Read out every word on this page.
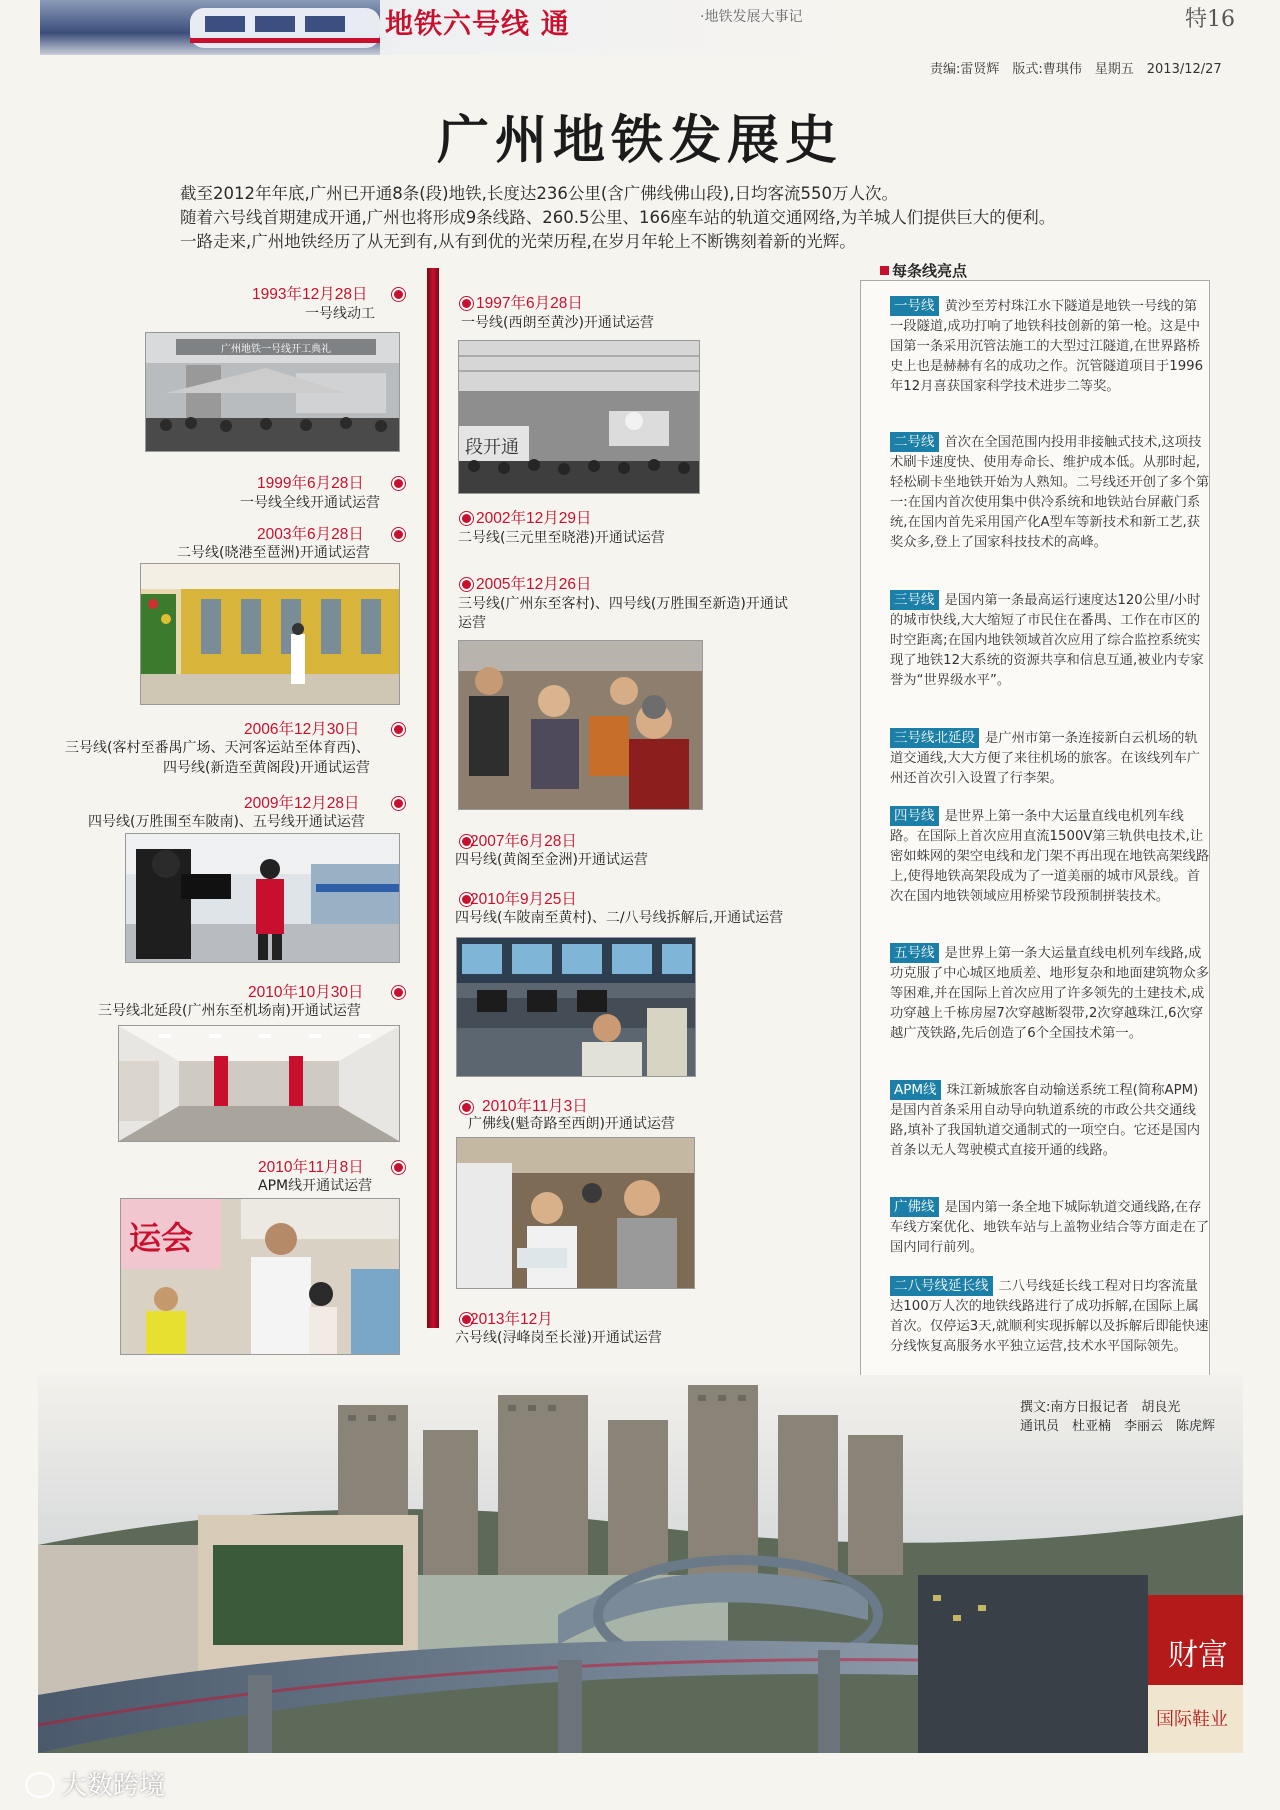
地铁六号线 通	·地铁发展大事记	特16
责编:雷贤辉　版式:曹琪伟　星期五　2013/12/27
广州地铁发展史
截至2012年年底,广州已开通8条(段)地铁,长度达236公里(含广佛线佛山段),日均客流550万人次。
随着六号线首期建成开通,广州也将形成9条线路、260.5公里、166座车站的轨道交通网络,为羊城人们提供巨大的便利。
一路走来,广州地铁经历了从无到有,从有到优的光荣历程,在岁月年轮上不断镌刻着新的光辉。
1993年12月28日
一号线动工
广州地铁一号线开工典礼
1999年6月28日
一号线全线开通试运营
2003年6月28日
二号线(晓港至琶洲)开通试运营
2006年12月30日
三号线(客村至番禺广场、天河客运站至体育西)、
四号线(新造至黄阁段)开通试运营
2009年12月28日
四号线(万胜围至车陂南)、五号线开通试运营
2010年10月30日
三号线北延段(广州东至机场南)开通试运营
2010年11月8日
APM线开通试运营
运会
1997年6月28日
一号线(西朗至黄沙)开通试运营
段开通
2002年12月29日
二号线(三元里至晓港)开通试运营
2005年12月26日
三号线(广州东至客村)、四号线(万胜围至新造)开通试
运营
2007年6月28日
四号线(黄阁至金洲)开通试运营
2010年9月25日
四号线(车陂南至黄村)、二/八号线拆解后,开通试运营
2010年11月3日
广佛线(魁奇路至西朗)开通试运营
2013年12月
六号线(浔峰岗至长湴)开通试运营
每条线亮点
一号线 黄沙至芳村珠江水下隧道是地铁一号线的第一段隧道,成功打响了地铁科技创新的第一枪。这是中国第一条采用沉管法施工的大型过江隧道,在世界路桥史上也是赫赫有名的成功之作。沉管隧道项目于1996年12月喜获国家科学技术进步二等奖。
二号线 首次在全国范围内投用非接触式技术,这项技术刷卡速度快、使用寿命长、维护成本低。从那时起,轻松刷卡坐地铁开始为人熟知。二号线还开创了多个第一:在国内首次使用集中供冷系统和地铁站台屏蔽门系统,在国内首先采用国产化A型车等新技术和新工艺,获奖众多,登上了国家科技技术的高峰。
三号线 是国内第一条最高运行速度达120公里/小时的城市快线,大大缩短了市民住在番禺、工作在市区的时空距离;在国内地铁领域首次应用了综合监控系统实现了地铁12大系统的资源共享和信息互通,被业内专家誉为“世界级水平”。
三号线北延段 是广州市第一条连接新白云机场的轨道交通线,大大方便了来往机场的旅客。在该线列车广州还首次引入设置了行李架。
四号线 是世界上第一条中大运量直线电机列车线路。在国际上首次应用直流1500V第三轨供电技术,让密如蛛网的架空电线和龙门架不再出现在地铁高架线路上,使得地铁高架段成为了一道美丽的城市风景线。首次在国内地铁领域应用桥梁节段预制拼装技术。
五号线 是世界上第一条大运量直线电机列车线路,成功克服了中心城区地质差、地形复杂和地面建筑物众多等困难,并在国际上首次应用了许多领先的土建技术,成功穿越上千栋房屋7次穿越断裂带,2次穿越珠江,6次穿越广茂铁路,先后创造了6个全国技术第一。
APM线 珠江新城旅客自动输送系统工程(简称APM)是国内首条采用自动导向轨道系统的市政公共交通线路,填补了我国轨道交通制式的一项空白。它还是国内首条以无人驾驶模式直接开通的线路。
广佛线 是国内第一条全地下城际轨道交通线路,在存车线方案优化、地铁车站与上盖物业结合等方面走在了国内同行前列。
二八号线延长线 二八号线延长线工程对日均客流量达100万人次的地铁线路进行了成功拆解,在国际上属首次。仅停运3天,就顺利实现拆解以及拆解后即能快速分线恢复高服务水平独立运营,技术水平国际领先。
财富
国际鞋业
撰文:南方日报记者　胡良光
通讯员　杜亚楠　李丽云　陈虎辉
大数跨境
